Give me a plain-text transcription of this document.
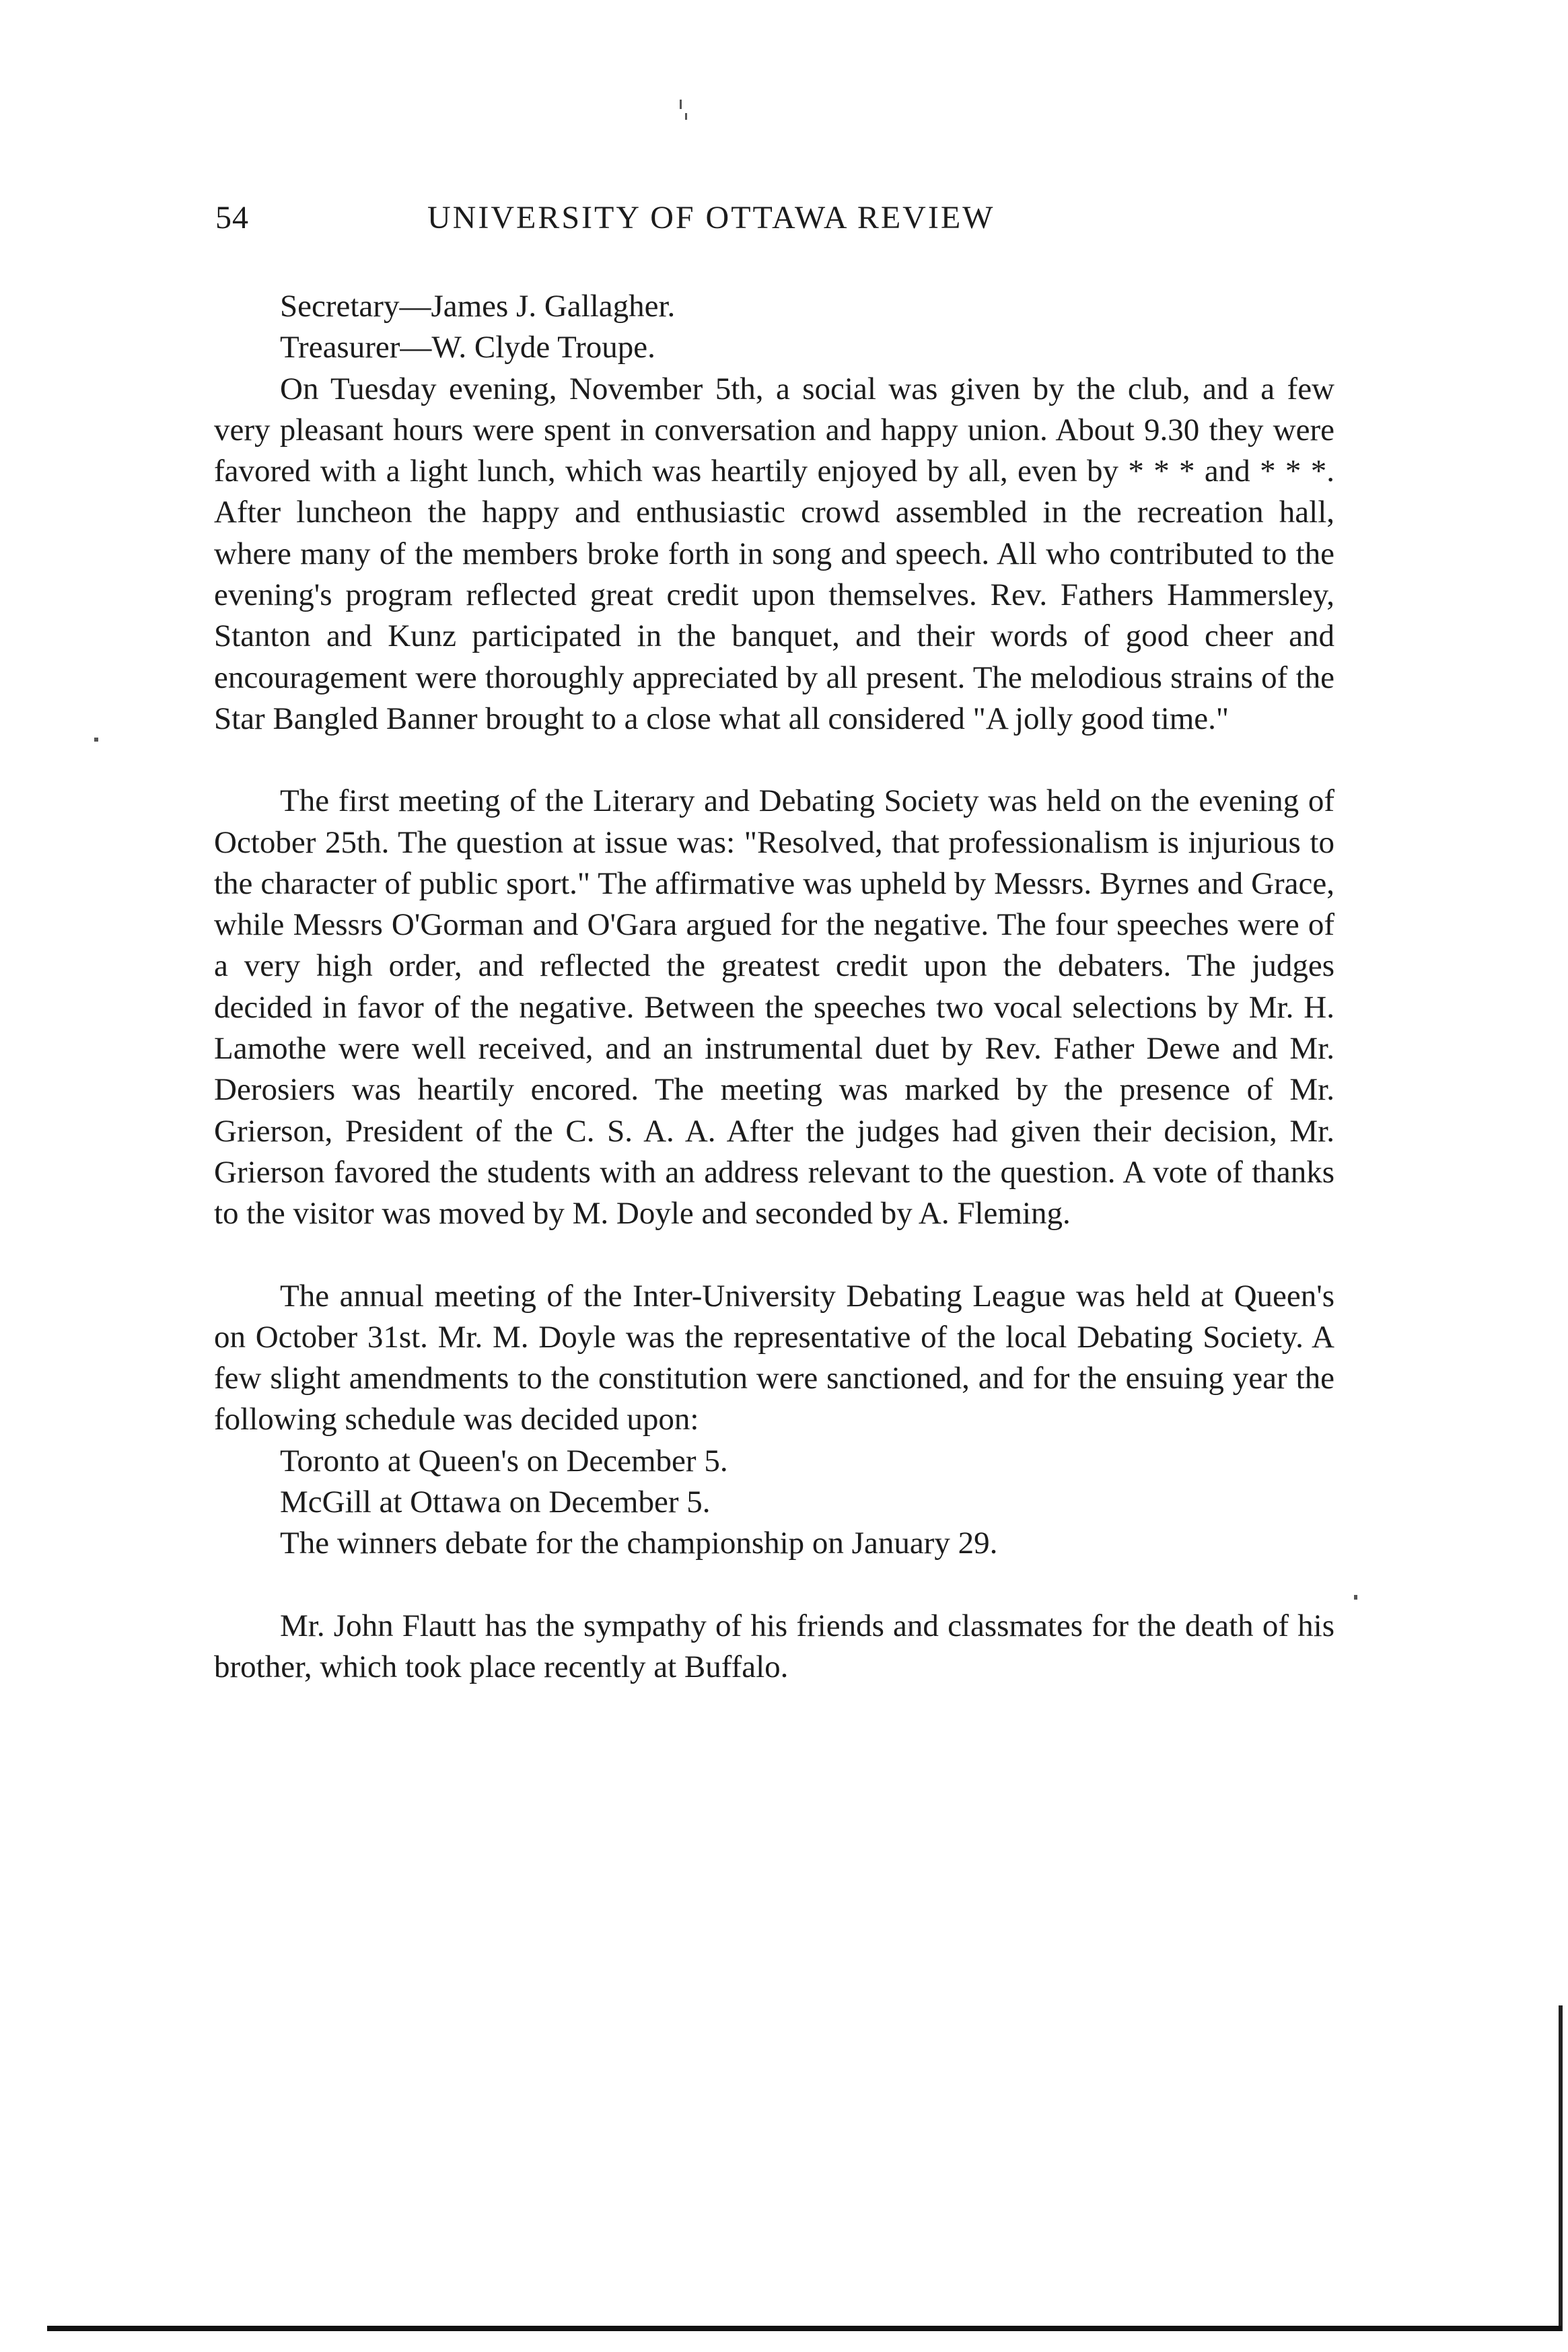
54	UNIVERSITY OF OTTAWA REVIEW

Secretary—James J. Gallagher.

Treasurer—W. Clyde Troupe.

On Tuesday evening, November 5th, a social was given by the club, and a few very pleasant hours were spent in conversation and happy union. About 9.30 they were favored with a light lunch, which was heartily enjoyed by all, even by * * * and * * *. After luncheon the happy and enthusiastic crowd assembled in the recreation hall, where many of the members broke forth in song and speech. All who contributed to the evening's program reflected great credit upon themselves. Rev. Fathers Hammersley, Stanton and Kunz participated in the banquet, and their words of good cheer and encouragement were thoroughly appreciated by all present. The melodious strains of the Star Bangled Banner brought to a close what all considered "A jolly good time."

The first meeting of the Literary and Debating Society was held on the evening of October 25th. The question at issue was: "Resolved, that professionalism is injurious to the character of public sport." The affirmative was upheld by Messrs. Byrnes and Grace, while Messrs O'Gorman and O'Gara argued for the negative. The four speeches were of a very high order, and reflected the greatest credit upon the debaters. The judges decided in favor of the negative. Between the speeches two vocal selections by Mr. H. Lamothe were well received, and an instrumental duet by Rev. Father Dewe and Mr. Derosiers was heartily encored. The meeting was marked by the presence of Mr. Grierson, President of the C. S. A. A. After the judges had given their decision, Mr. Grierson favored the students with an address relevant to the question. A vote of thanks to the visitor was moved by M. Doyle and seconded by A. Fleming.

The annual meeting of the Inter-University Debating League was held at Queen's on October 31st. Mr. M. Doyle was the representative of the local Debating Society. A few slight amendments to the constitution were sanctioned, and for the ensuing year the following schedule was decided upon:

Toronto at Queen's on December 5.

McGill at Ottawa on December 5.

The winners debate for the championship on January 29.

Mr. John Flautt has the sympathy of his friends and classmates for the death of his brother, which took place recently at Buffalo.
